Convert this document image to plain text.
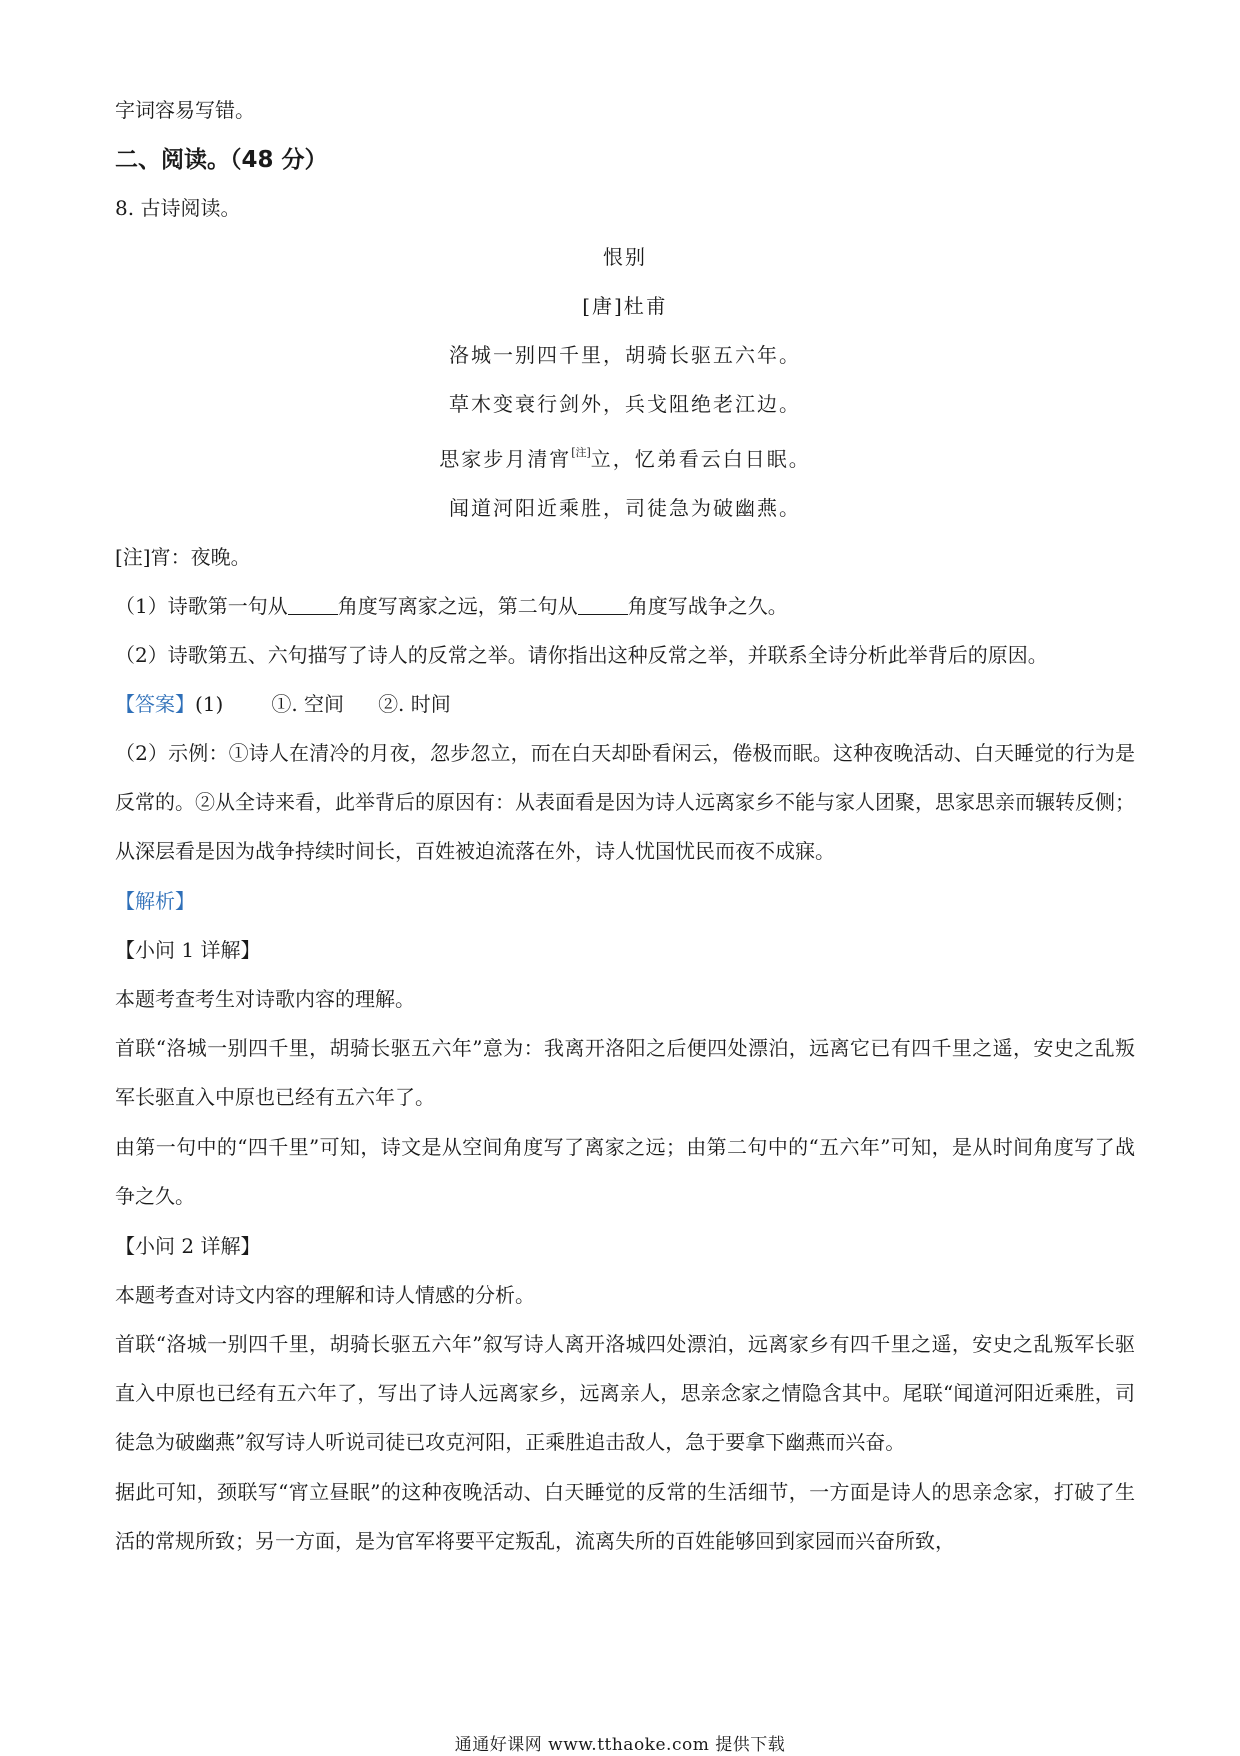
字词容易写错。
二、阅读。（48 分）
8. 古诗阅读。
恨别
[唐]杜甫
洛城一别四千里，胡骑长驱五六年。
草木变衰行剑外，兵戈阻绝老江边。
思家步月清宵[注]立，忆弟看云白日眠。
闻道河阳近乘胜，司徒急为破幽燕。
[注]宵：夜晚。
（1）诗歌第一句从	角度写离家之远，第二句从	角度写战争之久。
（2）诗歌第五、六句描写了诗人的反常之举。请你指出这种反常之举，并联系全诗分析此举背后的原因。
【答案】(1) ①. 空间 ②. 时间
（2）示例：①诗人在清冷的月夜，忽步忽立，而在白天却卧看闲云，倦极而眠。这种夜晚活动、白天睡觉的行为是反常的。②从全诗来看，此举背后的原因有：从表面看是因为诗人远离家乡不能与家人团聚，思家思亲而辗转反侧；从深层看是因为战争持续时间长，百姓被迫流落在外，诗人忧国忧民而夜不成寐。
【解析】
【小问 1 详解】
本题考查考生对诗歌内容的理解。
首联“洛城一别四千里，胡骑长驱五六年”意为：我离开洛阳之后便四处漂泊，远离它已有四千里之遥，安史之乱叛军长驱直入中原也已经有五六年了。
由第一句中的“四千里”可知，诗文是从空间角度写了离家之远；由第二句中的“五六年”可知，是从时间角度写了战争之久。
【小问 2 详解】
本题考查对诗文内容的理解和诗人情感的分析。
首联“洛城一别四千里，胡骑长驱五六年”叙写诗人离开洛城四处漂泊，远离家乡有四千里之遥，安史之乱叛军长驱直入中原也已经有五六年了，写出了诗人远离家乡，远离亲人，思亲念家之情隐含其中。尾联“闻道河阳近乘胜，司徒急为破幽燕”叙写诗人听说司徒已攻克河阳，正乘胜追击敌人，急于要拿下幽燕而兴奋。
据此可知，颈联写“宵立昼眠”的这种夜晚活动、白天睡觉的反常的生活细节，一方面是诗人的思亲念家，打破了生活的常规所致；另一方面，是为官军将要平定叛乱，流离失所的百姓能够回到家园而兴奋所致，
通通好课网 www.tthaoke.com 提供下载
